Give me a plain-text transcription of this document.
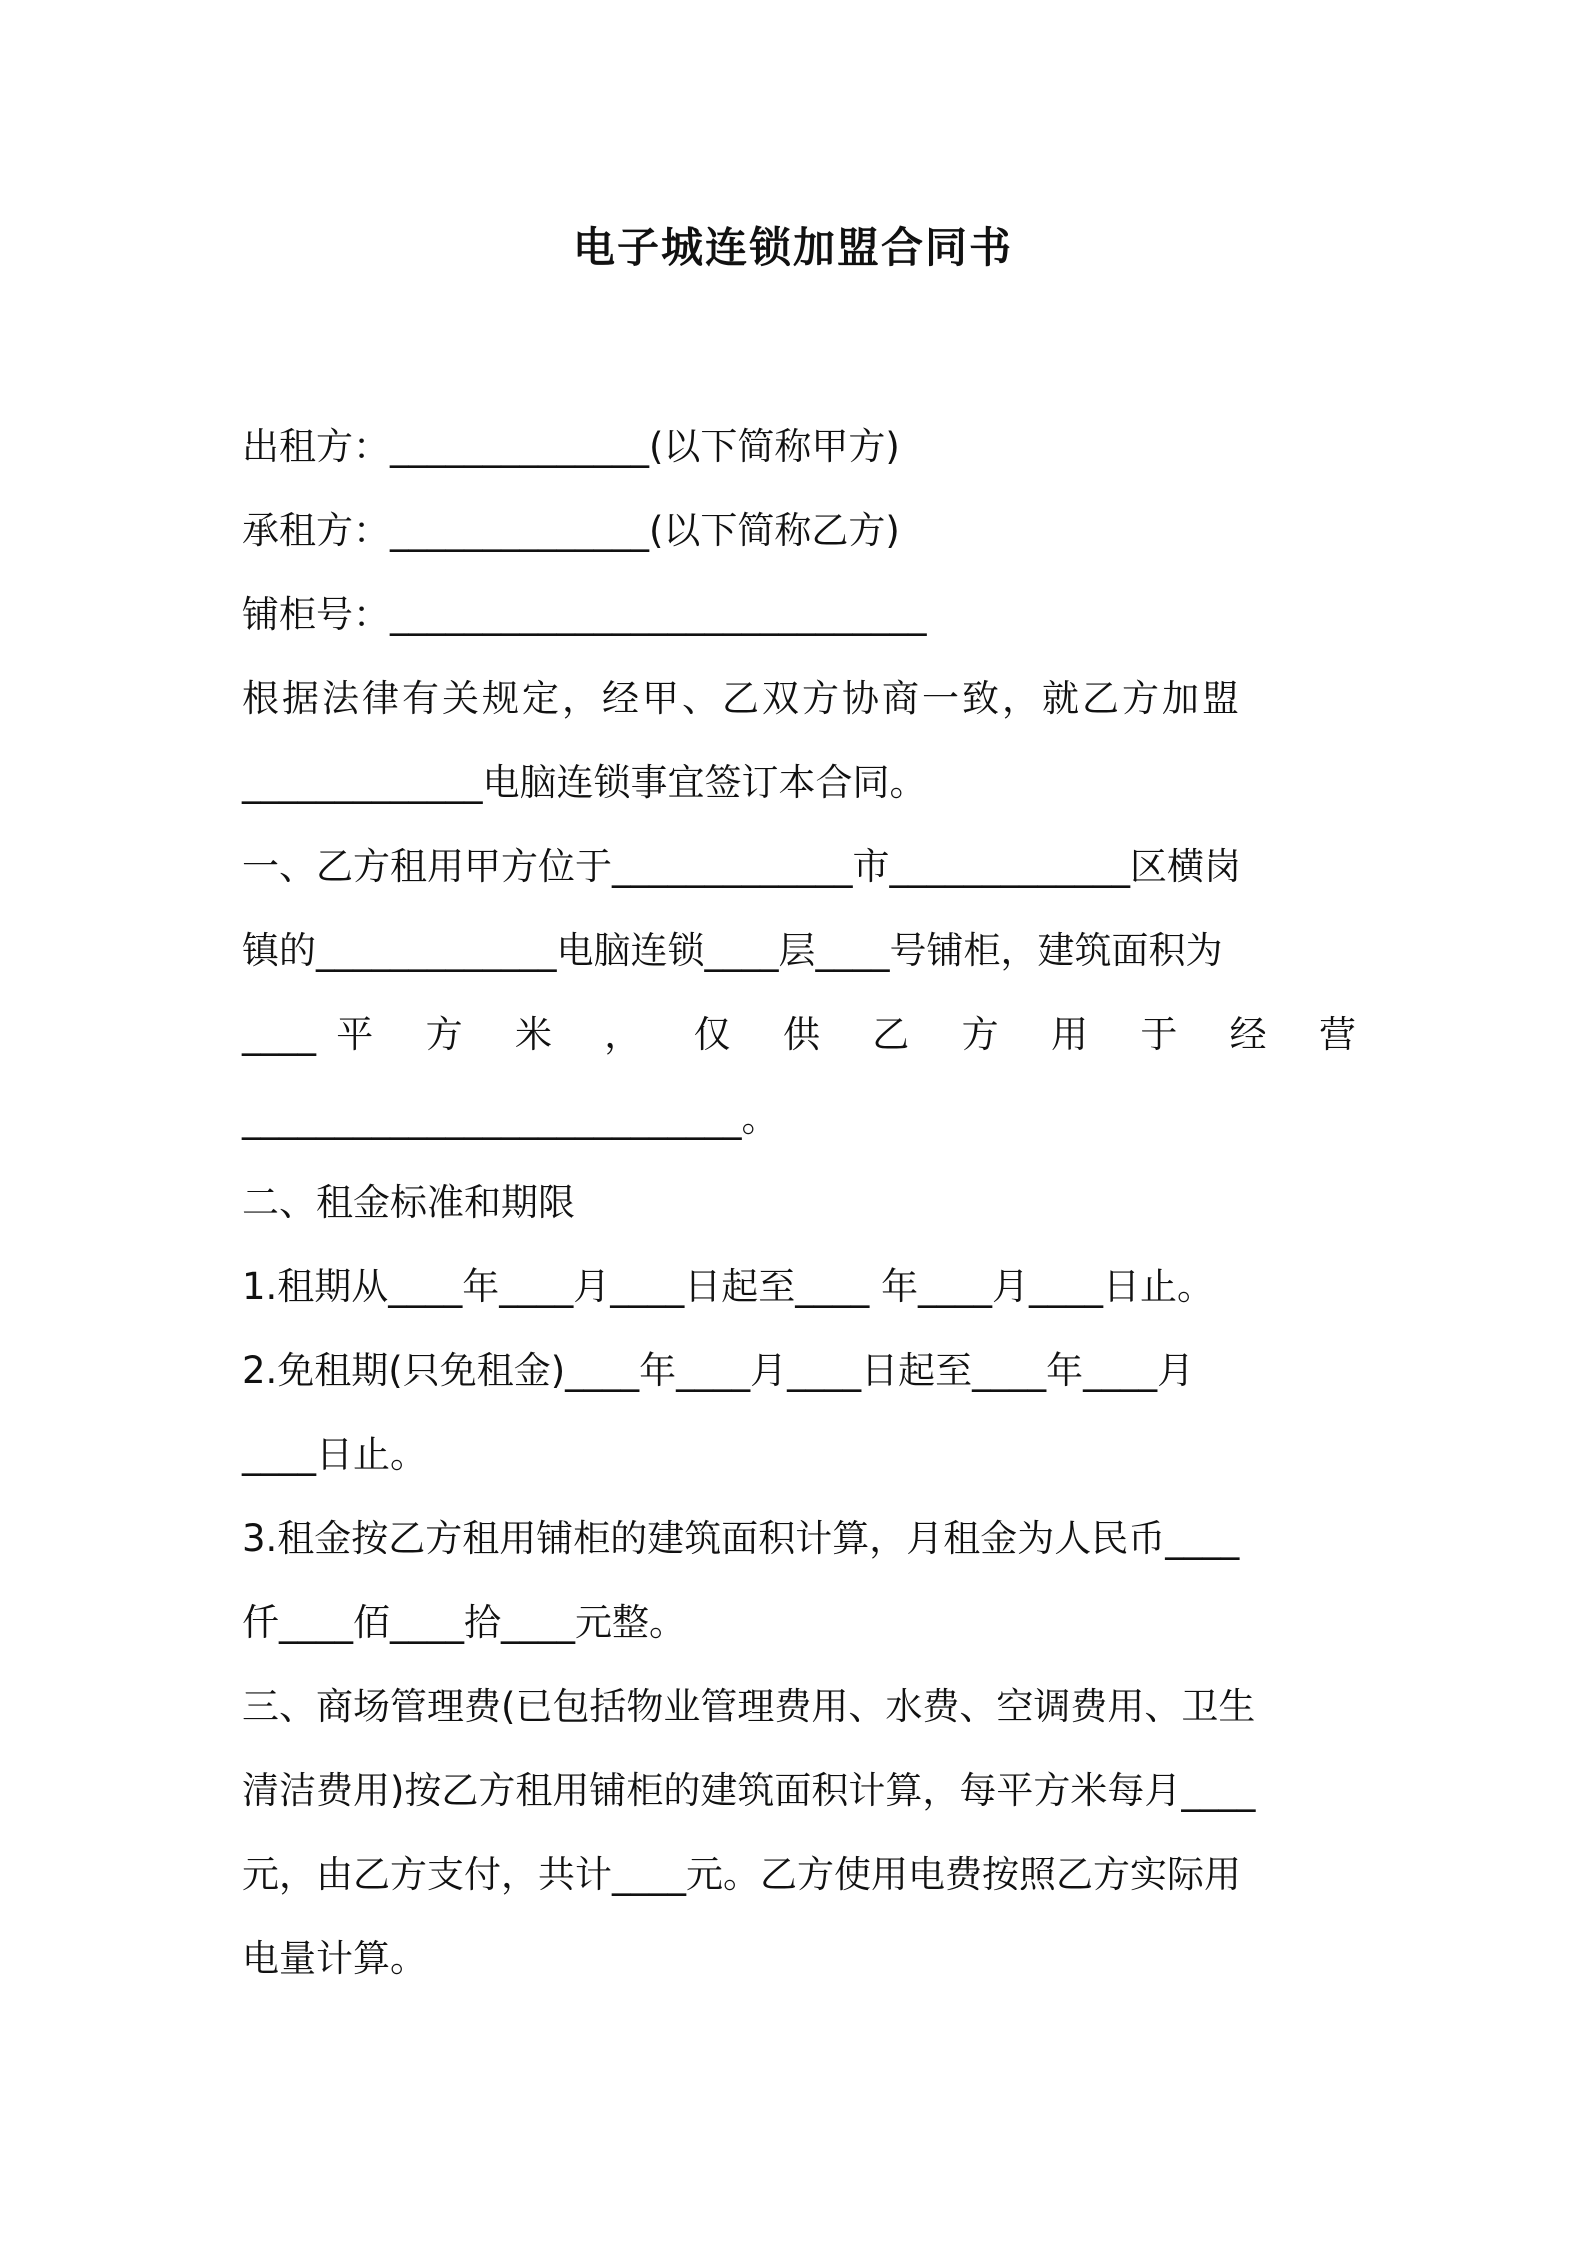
电子城连锁加盟合同书

出租方：______________(以下简称甲方)

承租方：______________(以下简称乙方)

铺柜号：_____________________________

根据法律有关规定，经甲、乙双方协商一致，就乙方加盟

_____________电脑连锁事宜签订本合同。

一、乙方租用甲方位于_____________市_____________区横岗

镇的_____________电脑连锁____层____号铺柜，建筑面积为

____平 方 米 ， 仅 供 乙 方 用 于 经 营

___________________________。

二、租金标准和期限

1.租期从____年____月____日起至____ 年____月____日止。

2.免租期(只免租金)____年____月____日起至____年____月

____日止。

3.租金按乙方租用铺柜的建筑面积计算，月租金为人民币____

仟____佰____拾____元整。

三、商场管理费(已包括物业管理费用、水费、空调费用、卫生

清洁费用)按乙方租用铺柜的建筑面积计算，每平方米每月____

元，由乙方支付，共计____元。乙方使用电费按照乙方实际用

电量计算。
